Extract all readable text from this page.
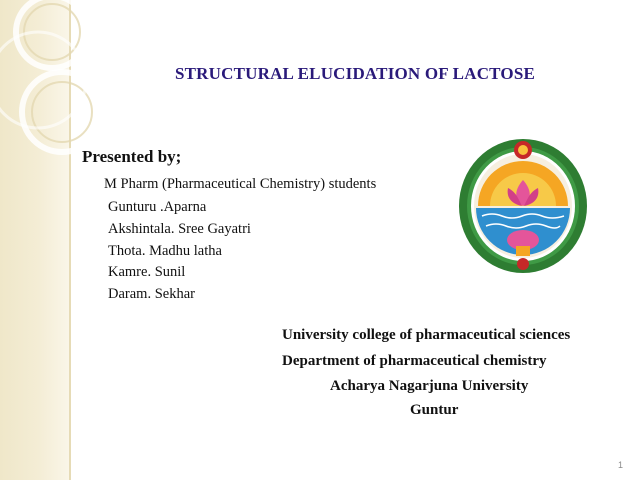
STRUCTURAL ELUCIDATION OF LACTOSE
Presented by;
M Pharm (Pharmaceutical Chemistry) students
Gunturu .Aparna
Akshintala. Sree Gayatri
Thota. Madhu latha
Kamre. Sunil
Daram. Sekhar
University college of pharmaceutical sciences
Department of pharmaceutical chemistry
Acharya Nagarjuna University
Guntur
1
